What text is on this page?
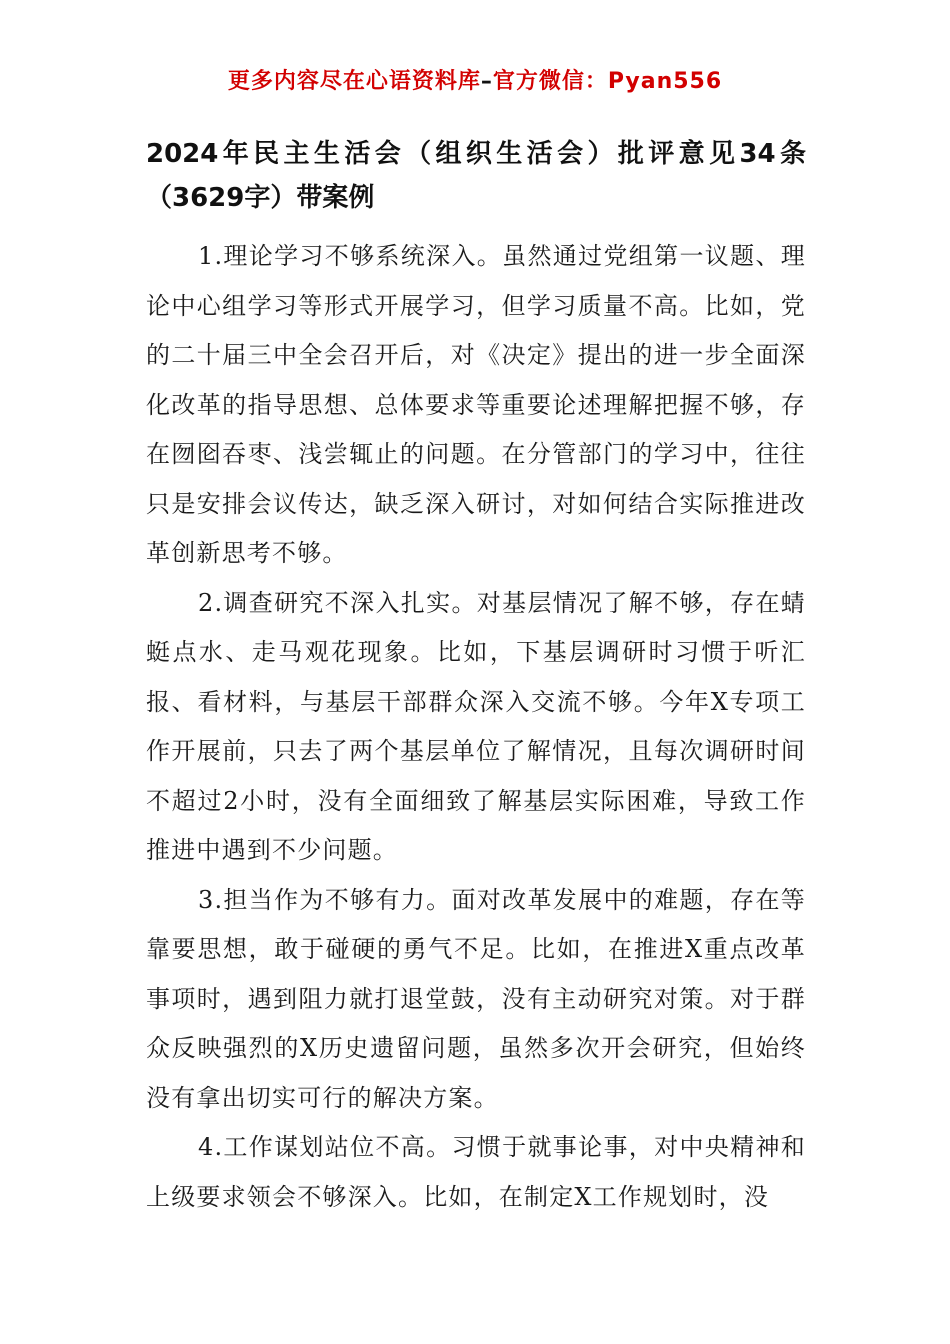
更多内容尽在心语资料库–官方微信：Pyan556
2024年民主生活会（组织生活会）批评意见34条（3629字）带案例

1.理论学习不够系统深入。虽然通过党组第一议题、理论中心组学习等形式开展学习，但学习质量不高。比如，党的二十届三中全会召开后，对《决定》提出的进一步全面深化改革的指导思想、总体要求等重要论述理解把握不够，存在囫囵吞枣、浅尝辄止的问题。在分管部门的学习中，往往只是安排会议传达，缺乏深入研讨，对如何结合实际推进改革创新思考不够。

2.调查研究不深入扎实。对基层情况了解不够，存在蜻蜓点水、走马观花现象。比如，下基层调研时习惯于听汇报、看材料，与基层干部群众深入交流不够。今年X专项工作开展前，只去了两个基层单位了解情况，且每次调研时间不超过2小时，没有全面细致了解基层实际困难，导致工作推进中遇到不少问题。

3.担当作为不够有力。面对改革发展中的难题，存在等靠要思想，敢于碰硬的勇气不足。比如，在推进X重点改革事项时，遇到阻力就打退堂鼓，没有主动研究对策。对于群众反映强烈的X历史遗留问题，虽然多次开会研究，但始终没有拿出切实可行的解决方案。

4.工作谋划站位不高。习惯于就事论事，对中央精神和上级要求领会不够深入。比如，在制定X工作规划时，没
